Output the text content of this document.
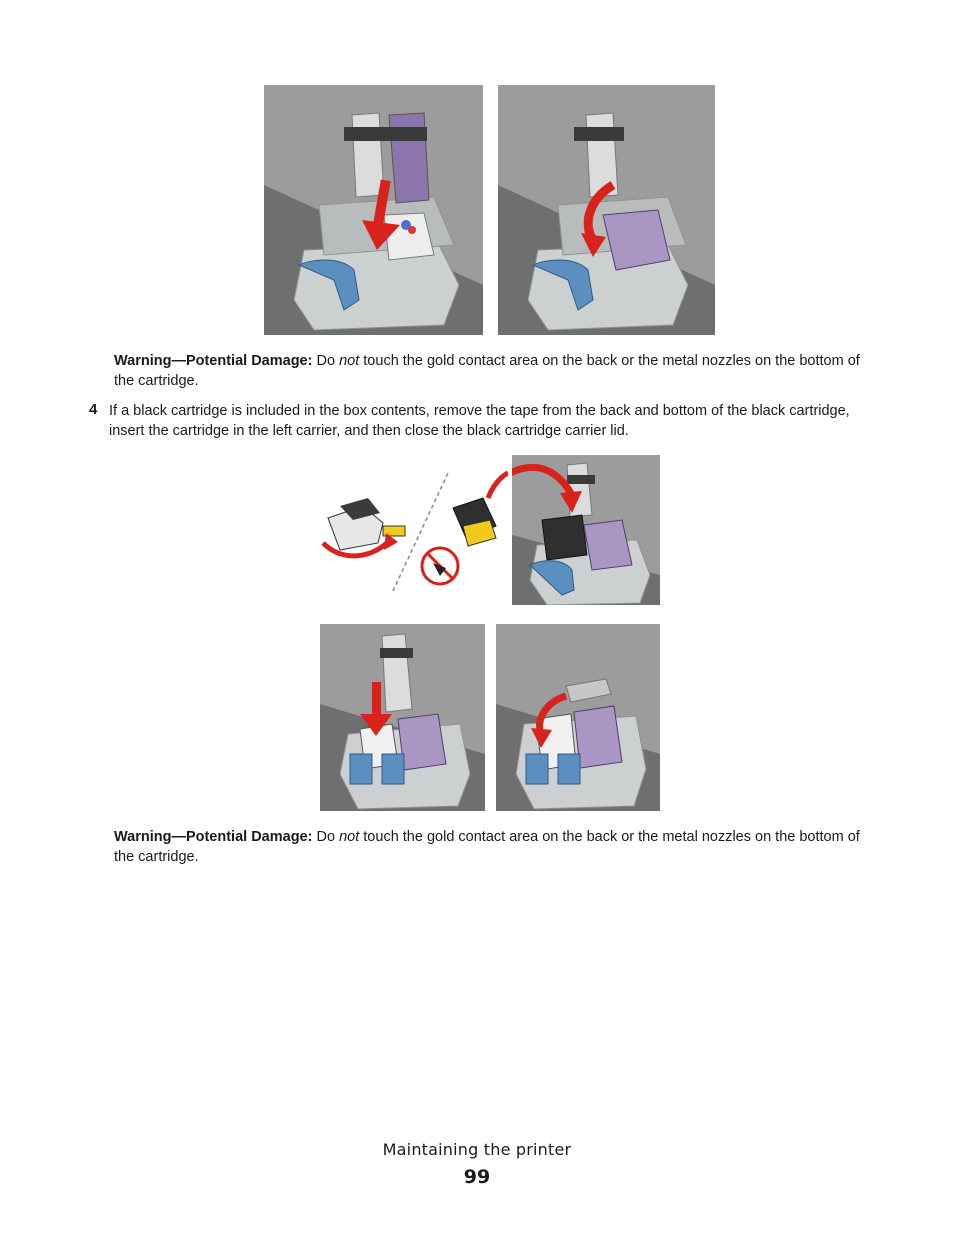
Warning—Potential Damage: Do not touch the gold contact area on the back or the metal nozzles on the bottom of the cartridge.
4 If a black cartridge is included in the box contents, remove the tape from the back and bottom of the black cartridge, insert the cartridge in the left carrier, and then close the black cartridge carrier lid.
Warning—Potential Damage: Do not touch the gold contact area on the back or the metal nozzles on the bottom of the cartridge.
Maintaining the printer
99
